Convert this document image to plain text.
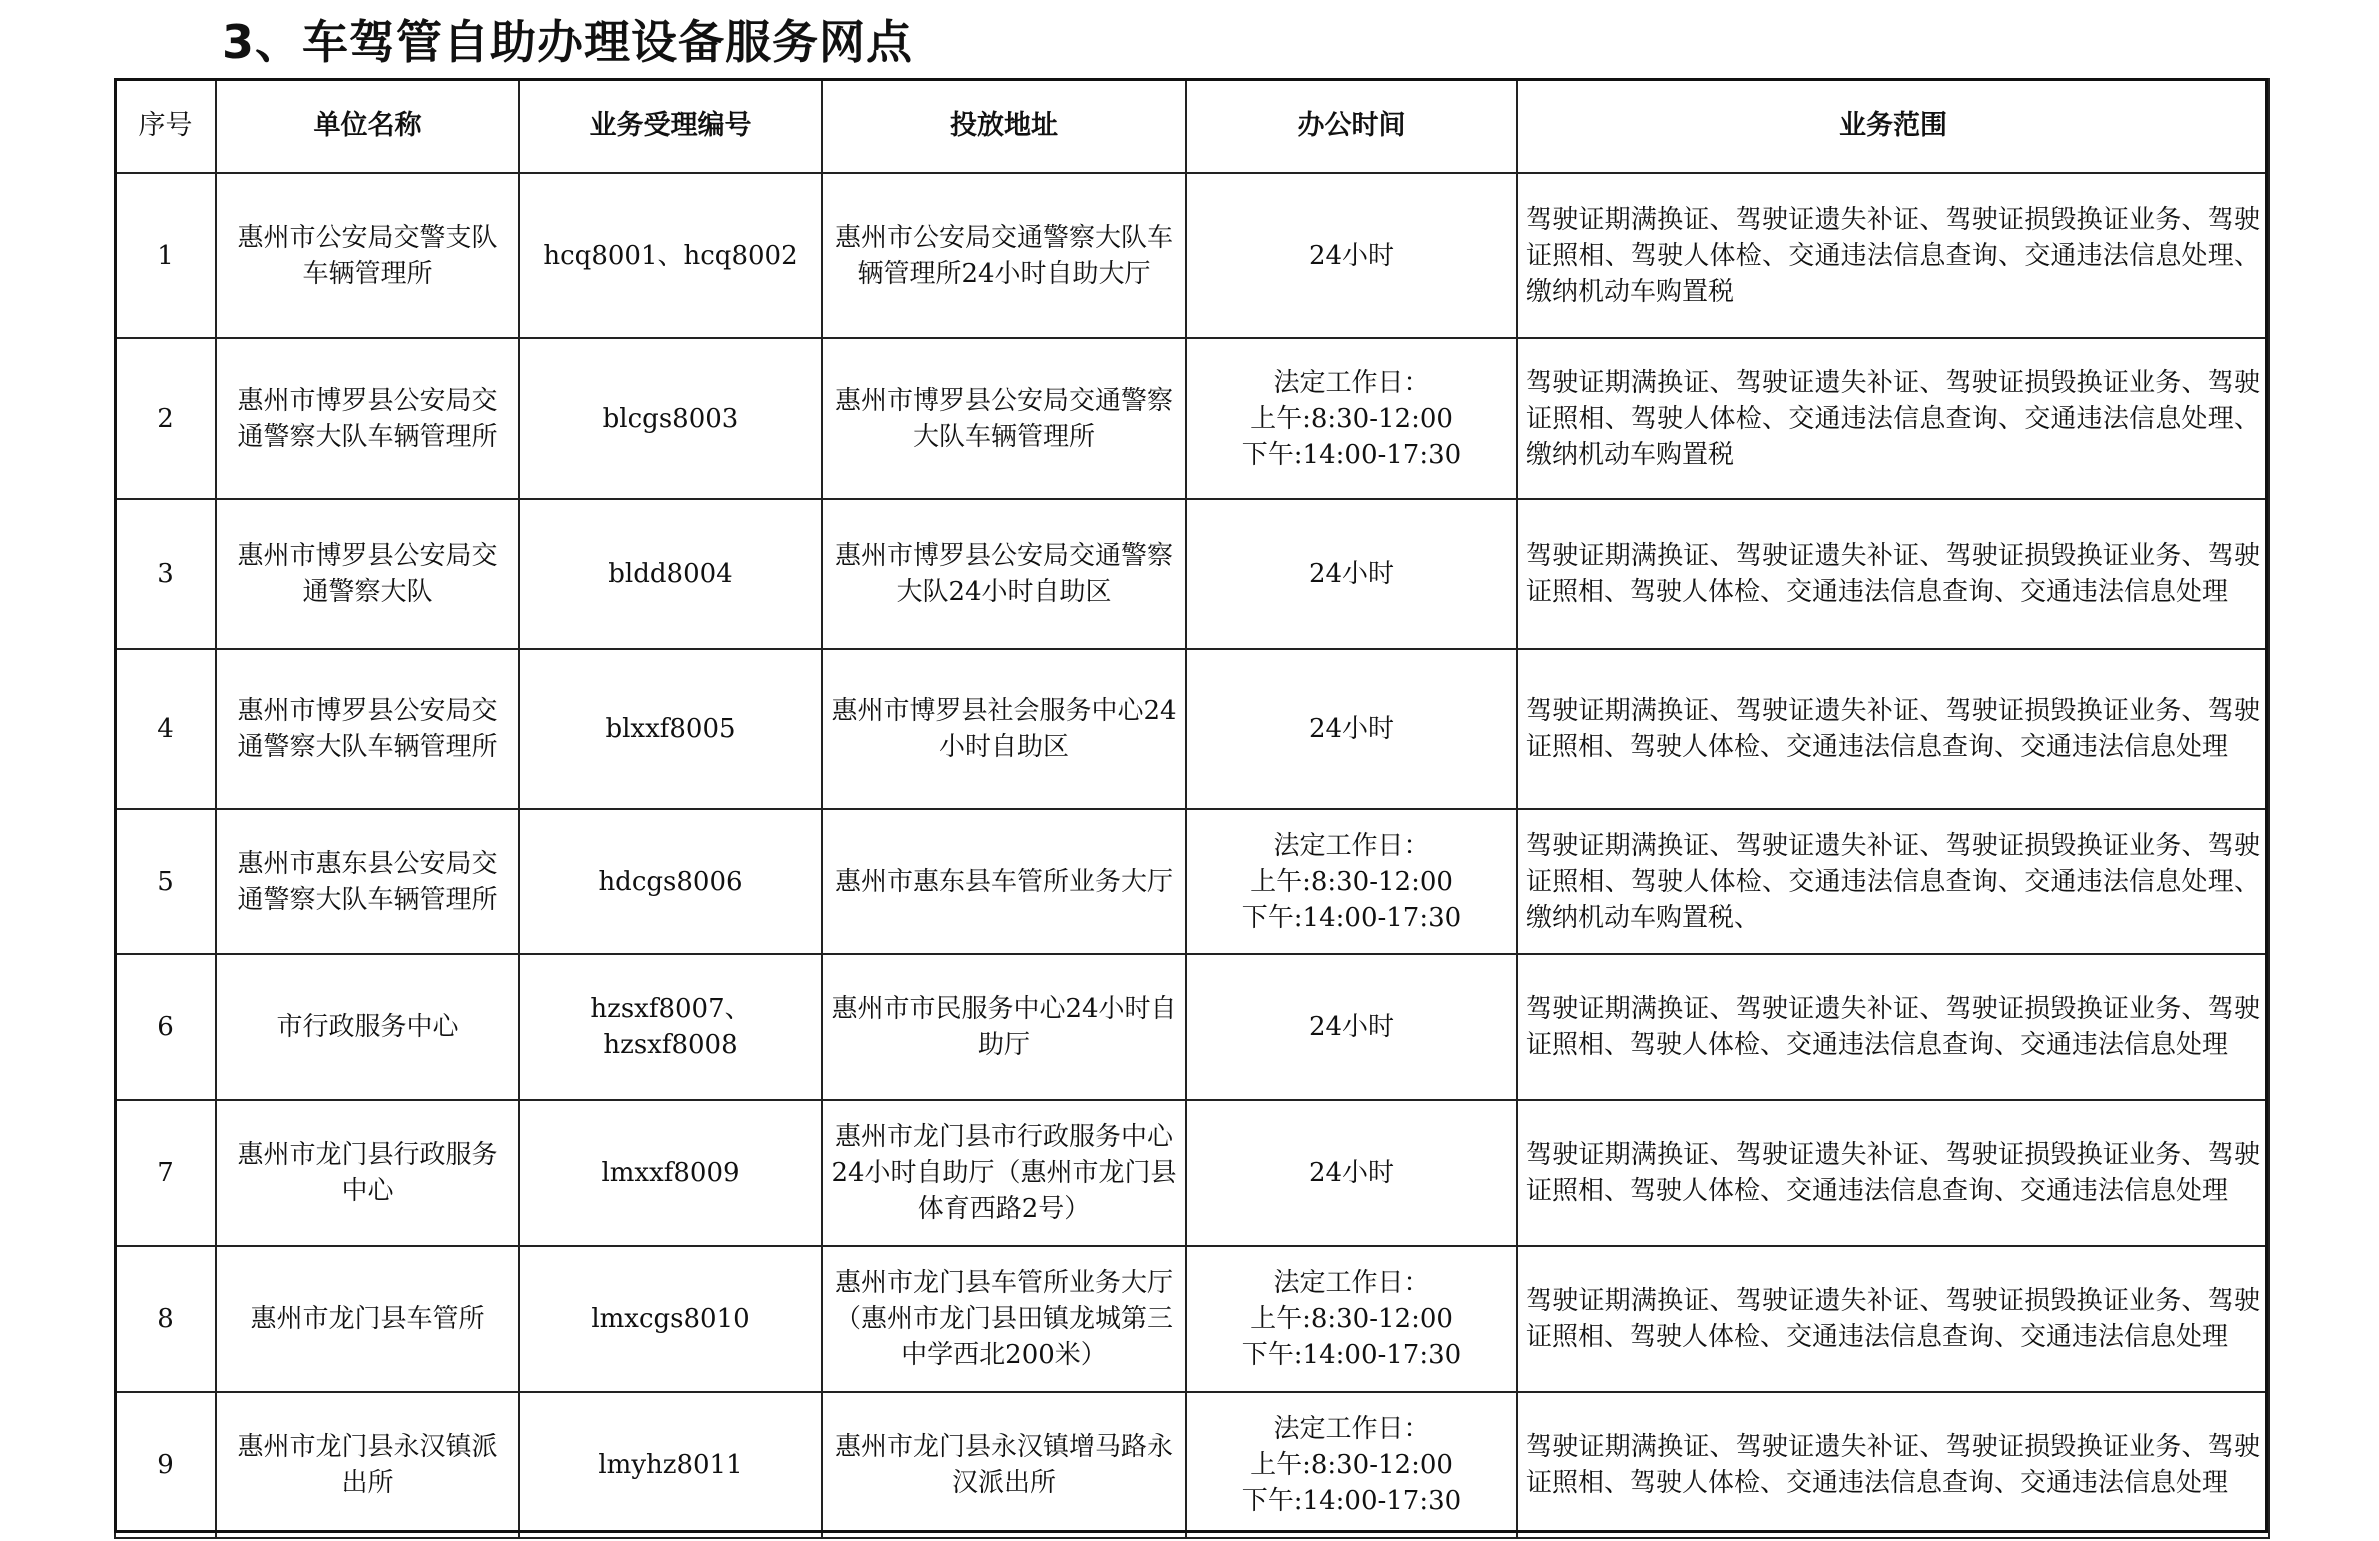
3、车驾管自助办理设备服务网点
序号	单位名称	业务受理编号	投放地址	办公时间	业务范围
1	惠州市公安局交警支队车辆管理所	hcq8001、hcq8002	惠州市公安局交通警察大队车辆管理所24小时自助大厅	24小时	驾驶证期满换证、驾驶证遗失补证、驾驶证损毁换证业务、驾驶证照相、驾驶人体检、交通违法信息查询、交通违法信息处理、缴纳机动车购置税
2	惠州市博罗县公安局交通警察大队车辆管理所	blcgs8003	惠州市博罗县公安局交通警察大队车辆管理所	法定工作日：
上午:8:30-12:00
下午:14:00-17:30	驾驶证期满换证、驾驶证遗失补证、驾驶证损毁换证业务、驾驶证照相、驾驶人体检、交通违法信息查询、交通违法信息处理、缴纳机动车购置税
3	惠州市博罗县公安局交通警察大队	bldd8004	惠州市博罗县公安局交通警察大队24小时自助区	24小时	驾驶证期满换证、驾驶证遗失补证、驾驶证损毁换证业务、驾驶证照相、驾驶人体检、交通违法信息查询、交通违法信息处理
4	惠州市博罗县公安局交通警察大队车辆管理所	blxxf8005	惠州市博罗县社会服务中心24小时自助区	24小时	驾驶证期满换证、驾驶证遗失补证、驾驶证损毁换证业务、驾驶证照相、驾驶人体检、交通违法信息查询、交通违法信息处理
5	惠州市惠东县公安局交通警察大队车辆管理所	hdcgs8006	惠州市惠东县车管所业务大厅	法定工作日：
上午:8:30-12:00
下午:14:00-17:30	驾驶证期满换证、驾驶证遗失补证、驾驶证损毁换证业务、驾驶证照相、驾驶人体检、交通违法信息查询、交通违法信息处理、缴纳机动车购置税、
6	市行政服务中心	hzsxf8007、hzsxf8008	惠州市市民服务中心24小时自助厅	24小时	驾驶证期满换证、驾驶证遗失补证、驾驶证损毁换证业务、驾驶证照相、驾驶人体检、交通违法信息查询、交通违法信息处理
7	惠州市龙门县行政服务中心	lmxxf8009	惠州市龙门县市行政服务中心24小时自助厅（惠州市龙门县体育西路2号）	24小时	驾驶证期满换证、驾驶证遗失补证、驾驶证损毁换证业务、驾驶证照相、驾驶人体检、交通违法信息查询、交通违法信息处理
8	惠州市龙门县车管所	lmxcgs8010	惠州市龙门县车管所业务大厅（惠州市龙门县田镇龙城第三中学西北200米）	法定工作日：
上午:8:30-12:00
下午:14:00-17:30	驾驶证期满换证、驾驶证遗失补证、驾驶证损毁换证业务、驾驶证照相、驾驶人体检、交通违法信息查询、交通违法信息处理
9	惠州市龙门县永汉镇派出所	lmyhz8011	惠州市龙门县永汉镇增马路永汉派出所	法定工作日：
上午:8:30-12:00
下午:14:00-17:30	驾驶证期满换证、驾驶证遗失补证、驾驶证损毁换证业务、驾驶证照相、驾驶人体检、交通违法信息查询、交通违法信息处理
